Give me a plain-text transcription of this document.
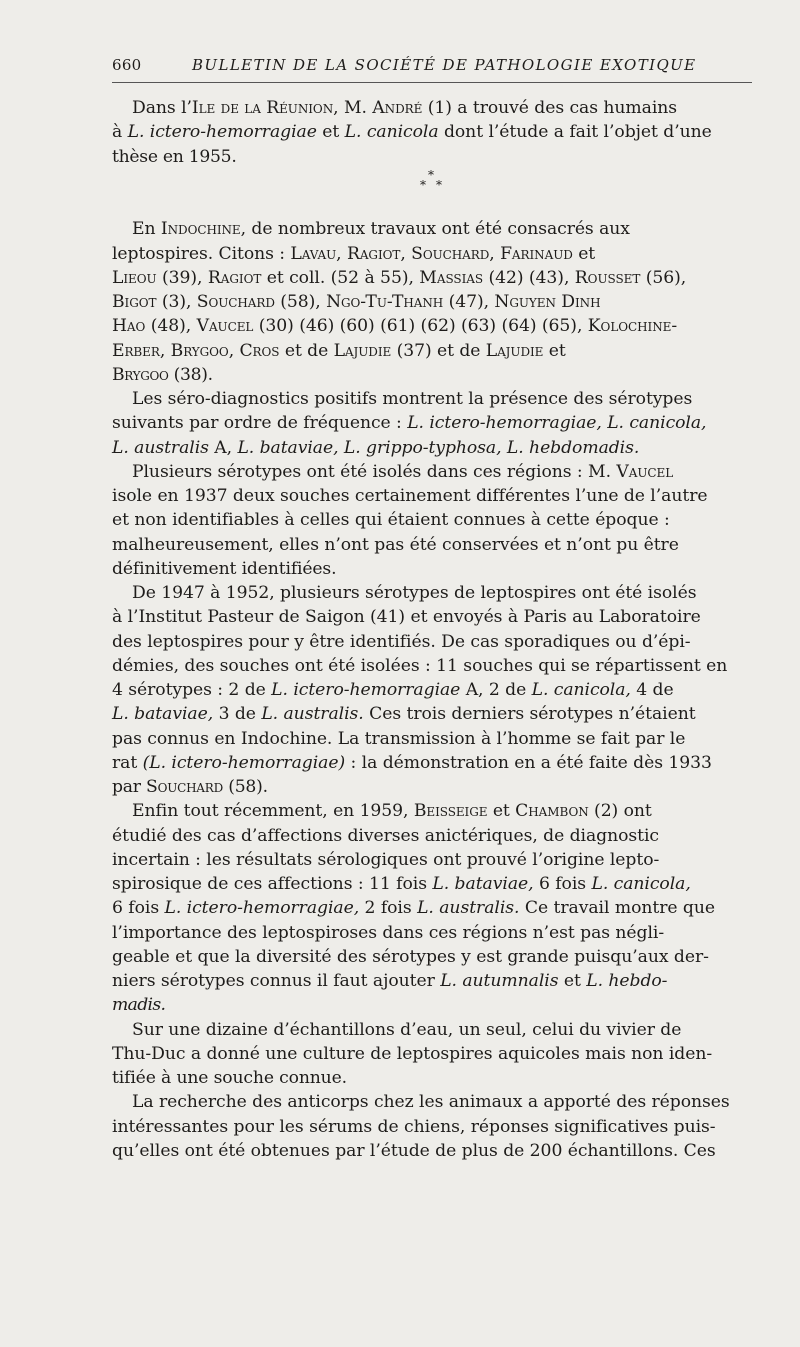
660	BULLETIN DE LA SOCIÉTÉ DE PATHOLOGIE EXOTIQUE
Dans l’Ile de la Réunion, M. André (1) a trouvé des cas humains
à L. ictero-hemorragiae et L. canicola dont l’étude a fait l’objet d’une
thèse en 1955.
*
* *
En Indochine, de nombreux travaux ont été consacrés aux
leptospires. Citons : Lavau, Ragiot, Souchard, Farinaud et
Lieou (39), Ragiot et coll. (52 à 55), Massias (42) (43), Rousset (56),
Bigot (3), Souchard (58), Ngo-Tu-Thanh (47), Nguyen Dinh
Hao (48), Vaucel (30) (46) (60) (61) (62) (63) (64) (65), Kolochine-
Erber, Brygoo, Cros et de Lajudie (37) et de Lajudie et
Brygoo (38).
Les séro-diagnostics positifs montrent la présence des sérotypes
suivants par ordre de fréquence : L. ictero-hemorragiae, L. canicola,
L. australis A, L. bataviae, L. grippo-typhosa, L. hebdomadis.
Plusieurs sérotypes ont été isolés dans ces régions : M. Vaucel
isole en 1937 deux souches certainement différentes l’une de l’autre
et non identifiables à celles qui étaient connues à cette époque :
malheureusement, elles n’ont pas été conservées et n’ont pu être
définitivement identifiées.
De 1947 à 1952, plusieurs sérotypes de leptospires ont été isolés
à l’Institut Pasteur de Saigon (41) et envoyés à Paris au Laboratoire
des leptospires pour y être identifiés. De cas sporadiques ou d’épi-
démies, des souches ont été isolées : 11 souches qui se répartissent en
4 sérotypes : 2 de L. ictero-hemorragiae A, 2 de L. canicola, 4 de
L. bataviae, 3 de L. australis. Ces trois derniers sérotypes n’étaient
pas connus en Indochine. La transmission à l’homme se fait par le
rat (L. ictero-hemorragiae) : la démonstration en a été faite dès 1933
par Souchard (58).
Enfin tout récemment, en 1959, Beisseige et Chambon (2) ont
étudié des cas d’affections diverses anictériques, de diagnostic
incertain : les résultats sérologiques ont prouvé l’origine lepto-
spirosique de ces affections : 11 fois L. bataviae, 6 fois L. canicola,
6 fois L. ictero-hemorragiae, 2 fois L. australis. Ce travail montre que
l’importance des leptospiroses dans ces régions n’est pas négli-
geable et que la diversité des sérotypes y est grande puisqu’aux der-
niers sérotypes connus il faut ajouter L. autumnalis et L. hebdo-
madis.
Sur une dizaine d’échantillons d’eau, un seul, celui du vivier de
Thu-Duc a donné une culture de leptospires aquicoles mais non iden-
tifiée à une souche connue.
La recherche des anticorps chez les animaux a apporté des réponses
intéressantes pour les sérums de chiens, réponses significatives puis-
qu’elles ont été obtenues par l’étude de plus de 200 échantillons. Ces
